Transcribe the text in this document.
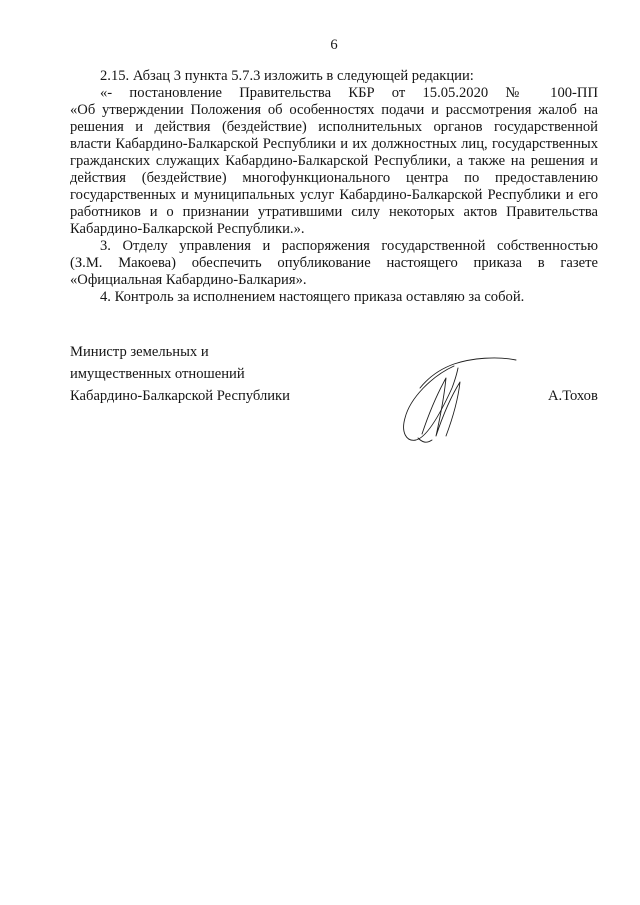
6
2.15. Абзац 3 пункта 5.7.3 изложить в следующей редакции:
«- постановление Правительства КБР от 15.05.2020 № 100-ПП
«Об утверждении Положения об особенностях подачи и рассмотрения жалоб на
решения и действия (бездействие) исполнительных органов государственной
власти Кабардино-Балкарской Республики и их должностных лиц, государственных
гражданских служащих Кабардино-Балкарской Республики, а также на решения и
действия (бездействие) многофункционального центра по предоставлению
государственных и муниципальных услуг Кабардино-Балкарской Республики и его
работников и о признании утратившими силу некоторых актов Правительства
Кабардино-Балкарской Республики.».
3. Отделу управления и распоряжения государственной собственностью
(З.М. Макоева) обеспечить опубликование настоящего приказа в газете
«Официальная Кабардино-Балкария».
4. Контроль за исполнением настоящего приказа оставляю за собой.
Министр земельных и
имущественных отношений
Кабардино-Балкарской Республики	А.Тохов
